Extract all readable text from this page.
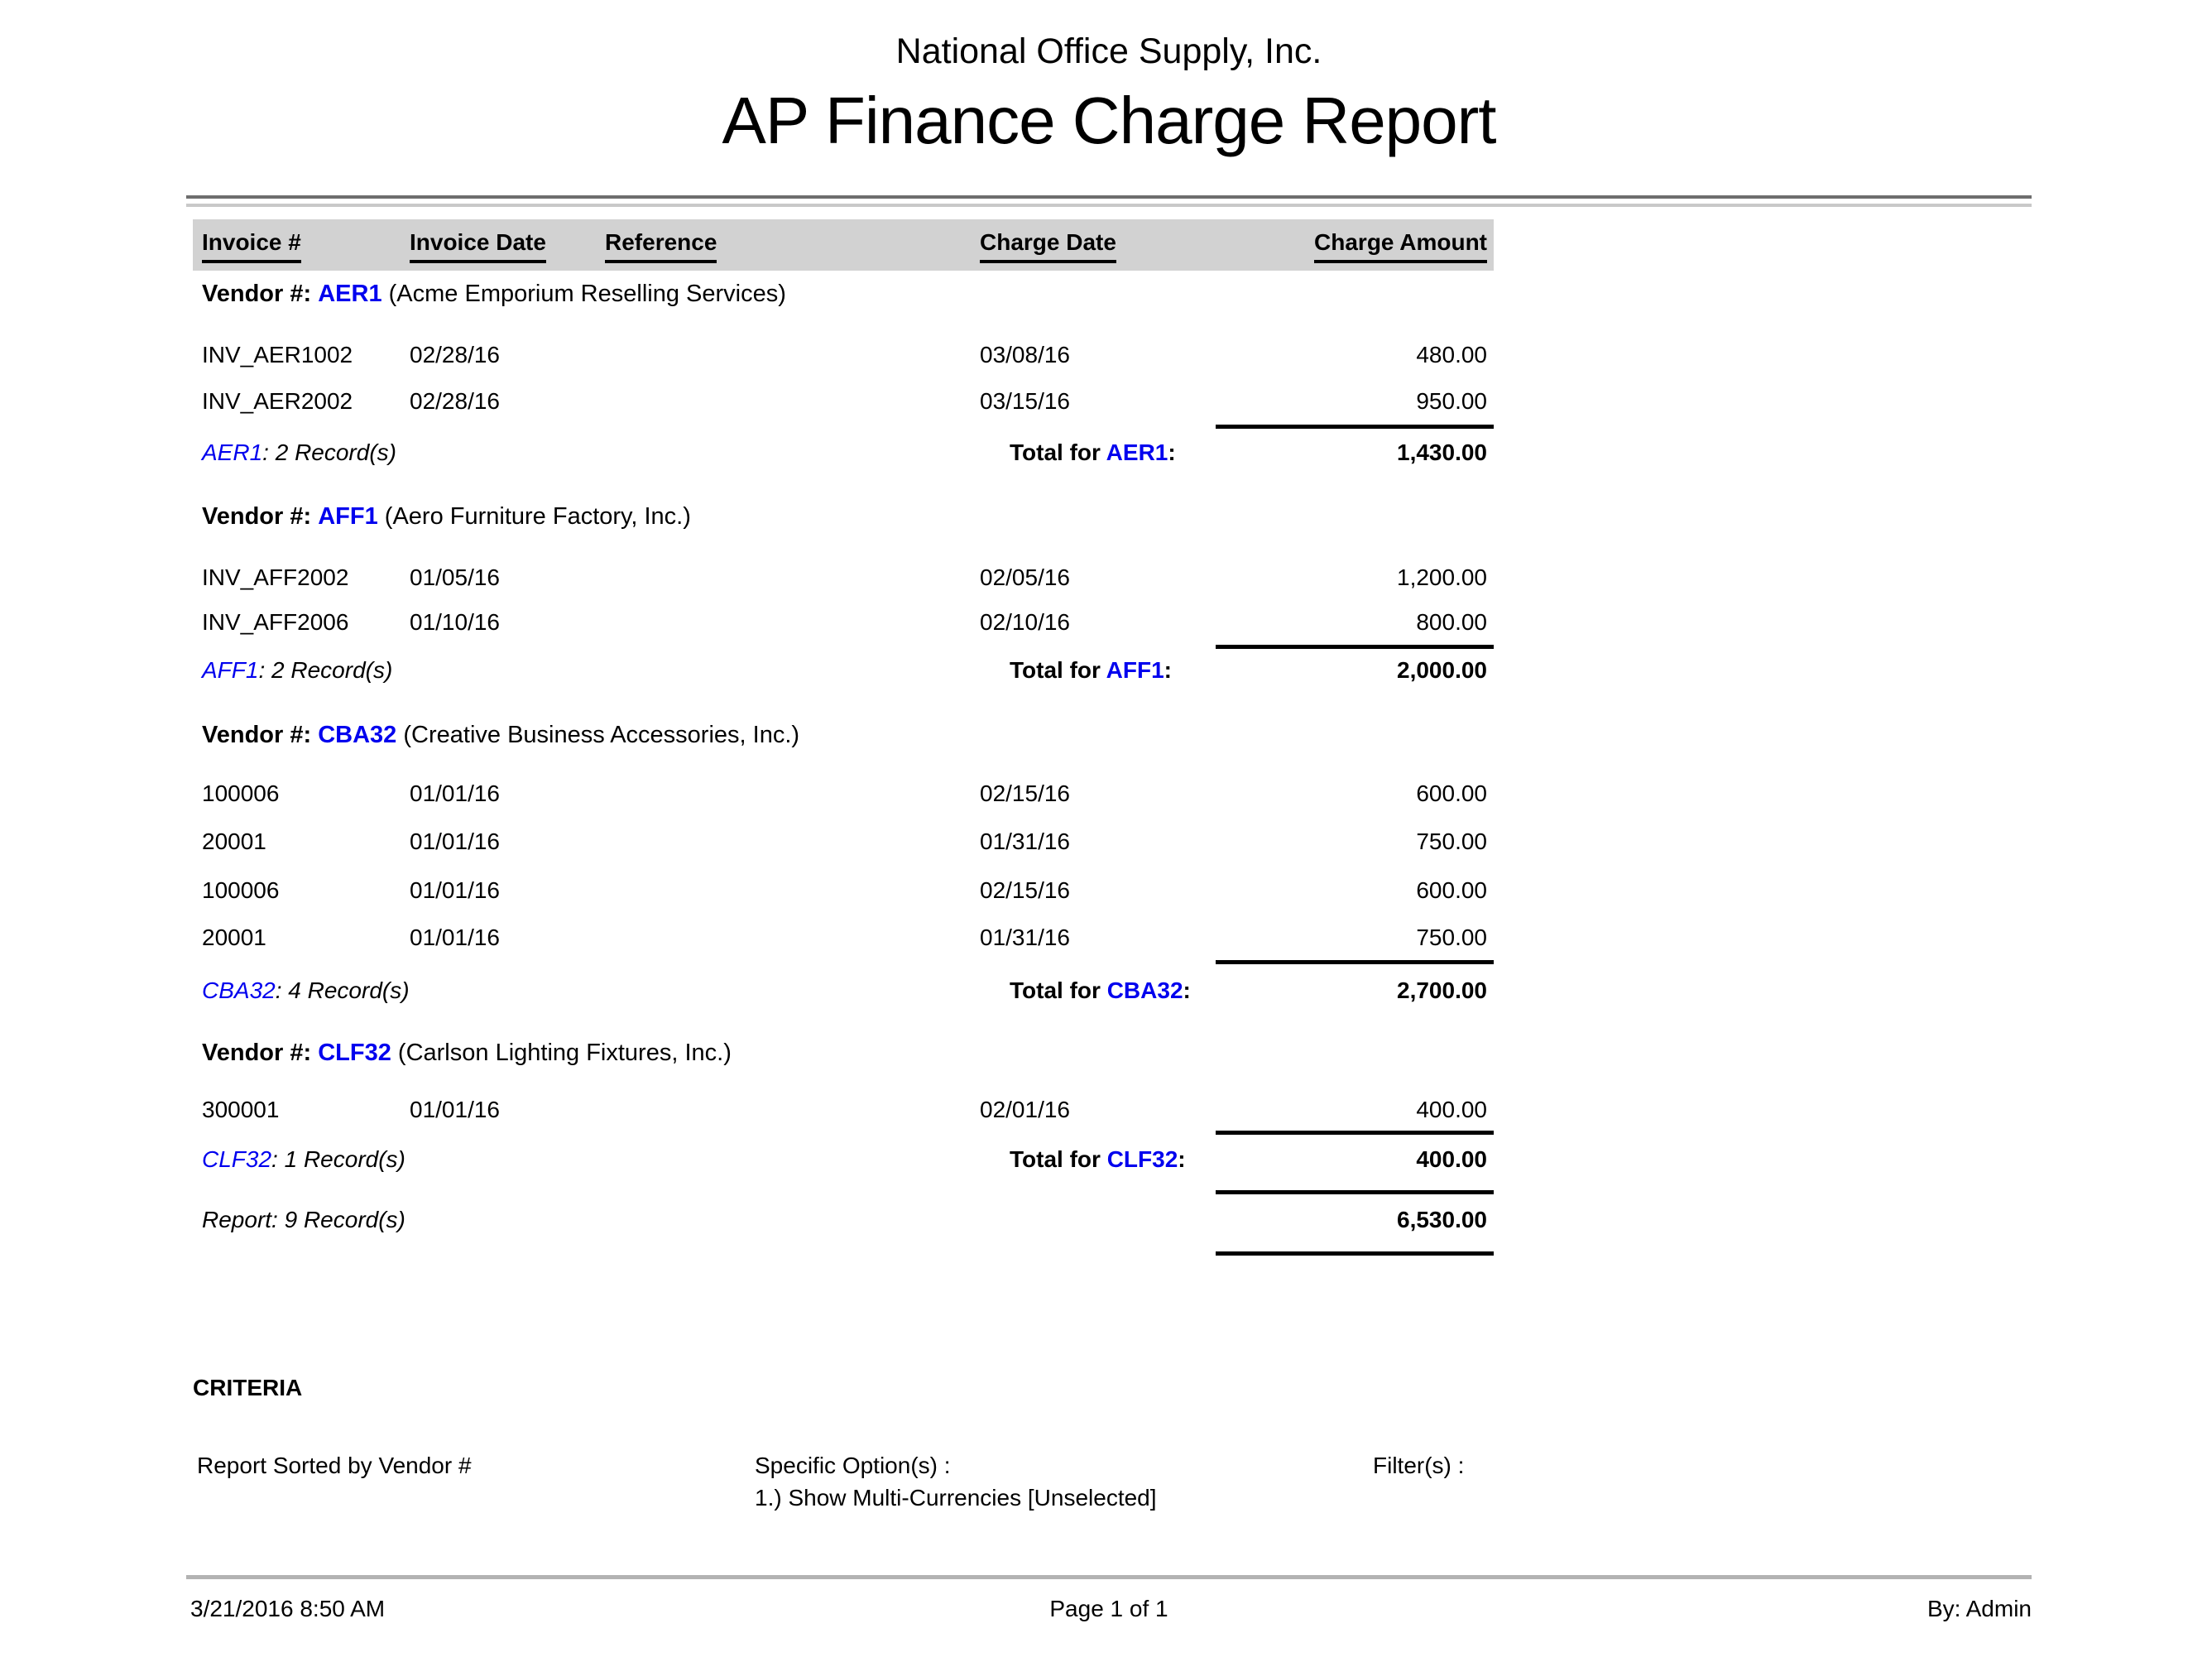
National Office Supply, Inc.
AP Finance Charge Report
Invoice #	Invoice Date	Reference	Charge Date	Charge Amount
Vendor #: AER1 (Acme Emporium Reselling Services)
INV_AER1002 02/28/16	03/08/16	480.00
INV_AER2002 02/28/16	03/15/16	950.00
AER1: 2 Record(s)	Total for AER1:	1,430.00
Vendor #: AFF1 (Aero Furniture Factory, Inc.)
INV_AFF2002	01/05/16	02/05/16	1,200.00
INV_AFF2006	01/10/16	02/10/16	800.00
AFF1: 2 Record(s)	Total for AFF1:	2,000.00
Vendor #: CBA32 (Creative Business Accessories, Inc.)
100006	01/01/16	02/15/16	600.00
20001	01/01/16	01/31/16	750.00
100006	01/01/16	02/15/16	600.00
20001	01/01/16	01/31/16	750.00
CBA32: 4 Record(s)	Total for CBA32:	2,700.00
Vendor #: CLF32 (Carlson Lighting Fixtures, Inc.)
300001	01/01/16	02/01/16	400.00
CLF32: 1 Record(s)	Total for CLF32:	400.00
Report: 9 Record(s)	6,530.00
CRITERIA
Report Sorted by Vendor #	Specific Option(s) :
1.) Show Multi-Currencies [Unselected]
Filter(s) :
3/21/2016 8:50 AM	Page 1 of 1	By: Admin
